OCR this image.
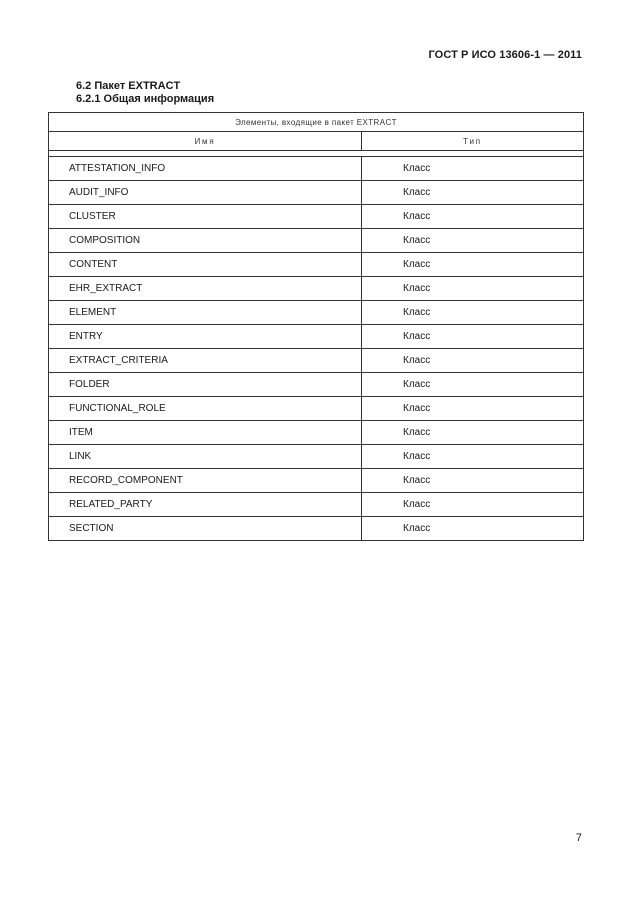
ГОСТ Р ИСО 13606-1 — 2011
6.2 Пакет EXTRACT
6.2.1 Общая информация
Элементы, входящие в пакет EXTRACT	
Имя	Тип

ATTESTATION_INFO	Класс
AUDIT_INFO	Класс
CLUSTER	Класс
COMPOSITION	Класс
CONTENT	Класс
EHR_EXTRACT	Класс
ELEMENT	Класс
ENTRY	Класс
EXTRACT_CRITERIA	Класс
FOLDER	Класс
FUNCTIONAL_ROLE	Класс
ITEM	Класс
LINK	Класс
RECORD_COMPONENT	Класс
RELATED_PARTY	Класс
SECTION	Класс
7
